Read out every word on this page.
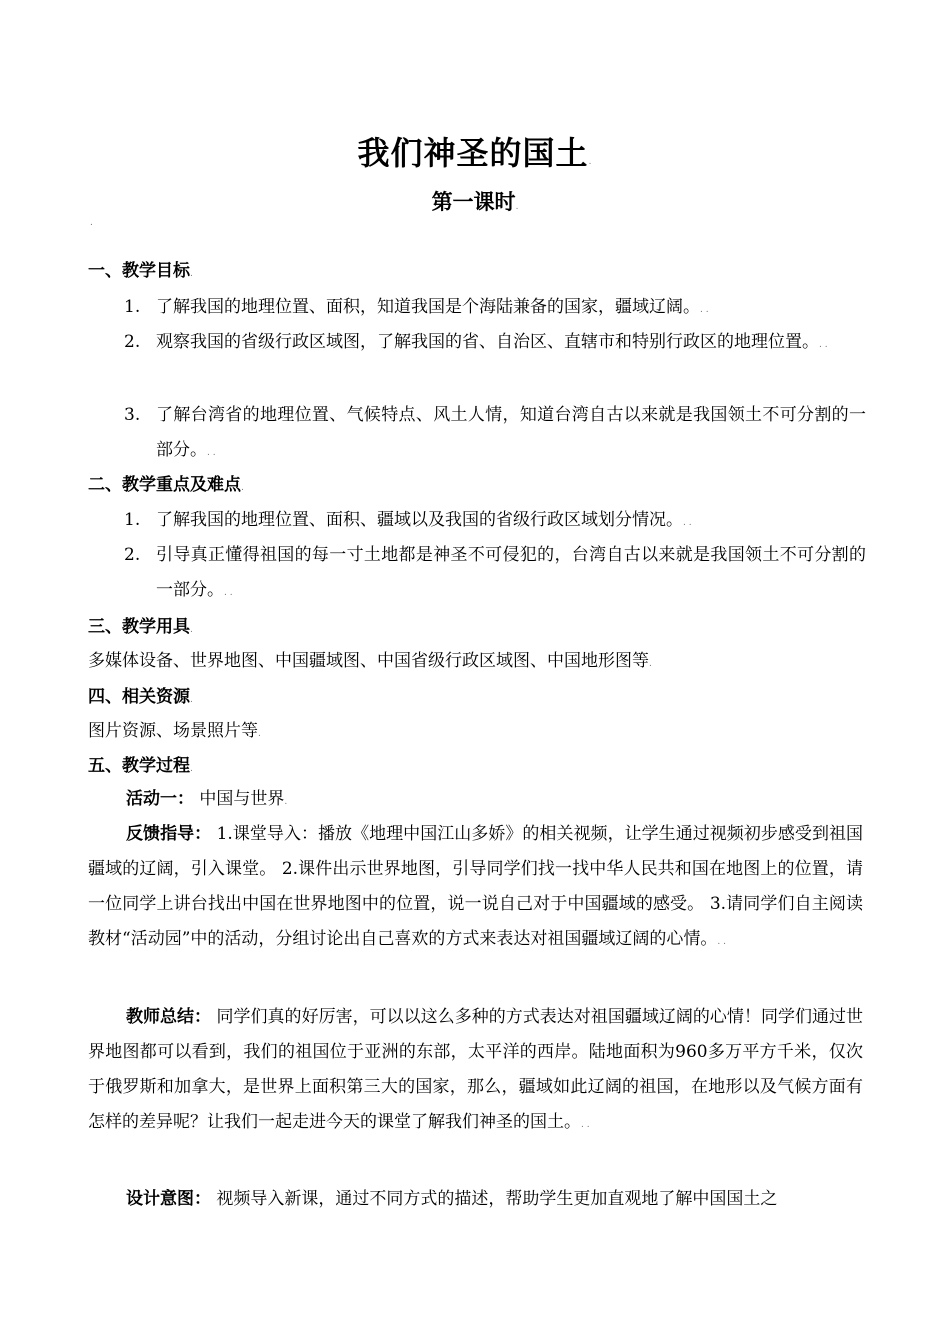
我们神圣的国土.
第一课时.
.
一、教学目标.
1. 了解我国的地理位置、面积，知道我国是个海陆兼备的国家，疆域辽阔。. .
2. 观察我国的省级行政区域图，了解我国的省、自治区、直辖市和特别行政区的地理位置。. .
3. 了解台湾省的地理位置、气候特点、风土人情，知道台湾自古以来就是我国领土不可分割的一部分。. .
二、教学重点及难点.
1. 了解我国的地理位置、面积、疆域以及我国的省级行政区域划分情况。. .
2. 引导真正懂得祖国的每一寸土地都是神圣不可侵犯的，台湾自古以来就是我国领土不可分割的一部分。. .
三、教学用具.
多媒体设备、世界地图、中国疆域图、中国省级行政区域图、中国地形图等.
四、相关资源.
图片资源、场景照片等.
五、教学过程.
活动一： 中国与世界.
反馈指导： 1.课堂导入：播放《地理中国江山多娇》的相关视频，让学生通过视频初步感受到祖国疆域的辽阔，引入课堂。 2.课件出示世界地图，引导同学们找一找中华人民共和国在地图上的位置，请一位同学上讲台找出中国在世界地图中的位置，说一说自己对于中国疆域的感受。 3.请同学们自主阅读教材“活动园”中的活动，分组讨论出自己喜欢的方式来表达对祖国疆域辽阔的心情。. .
教师总结： 同学们真的好厉害，可以以这么多种的方式表达对祖国疆域辽阔的心情！同学们通过世界地图都可以看到，我们的祖国位于亚洲的东部，太平洋的西岸。陆地面积为960多万平方千米，仅次于俄罗斯和加拿大，是世界上面积第三大的国家，那么，疆域如此辽阔的祖国，在地形以及气候方面有怎样的差异呢？让我们一起走进今天的课堂了解我们神圣的国土。. .
设计意图： 视频导入新课，通过不同方式的描述，帮助学生更加直观地了解中国国土之
